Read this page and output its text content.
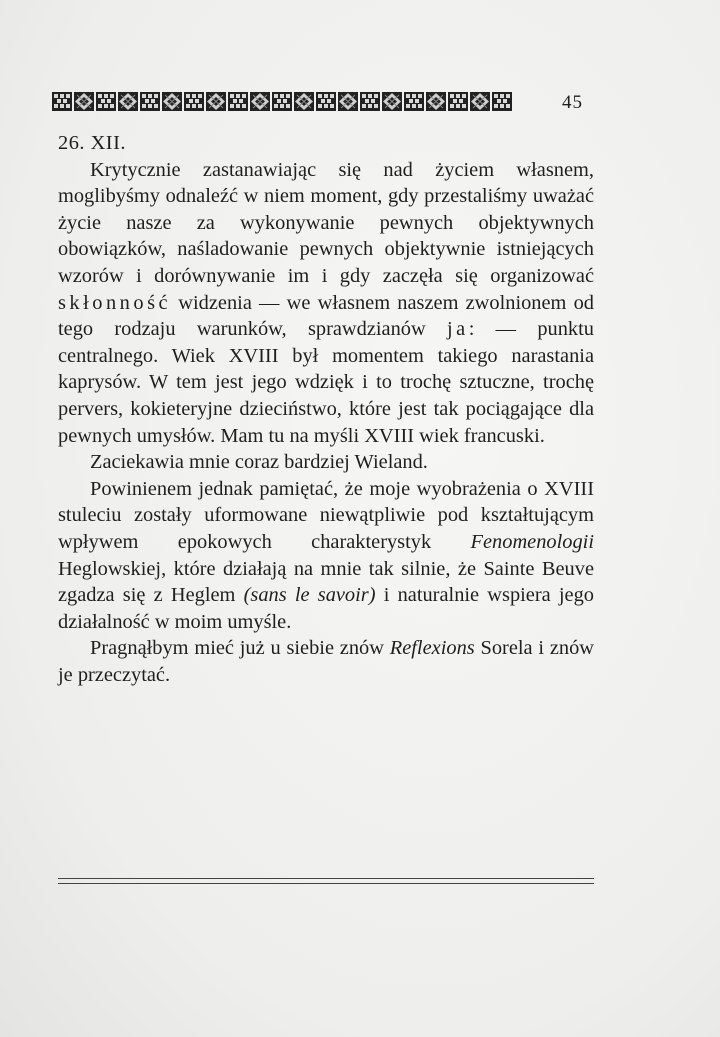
45

26. XII.

Krytycznie zastanawiając się nad życiem własnem, moglibyśmy odnaleźć w niem moment, gdy przestaliśmy uważać życie nasze za wykonywanie pewnych objektywnych obowiązków, naśladowanie pewnych objektywnie istniejących wzorów i dorównywanie im i gdy zaczęła się organizować skłonność widzenia — we własnem naszem zwolnionem od tego rodzaju warunków, sprawdzianów ja: — punktu centralnego. Wiek XVIII był momentem takiego narastania kaprysów. W tem jest jego wdzięk i to trochę sztuczne, trochę pervers, kokieteryjne dzieciństwo, które jest tak pociągające dla pewnych umysłów. Mam tu na myśli XVIII wiek francuski.

Zaciekawia mnie coraz bardziej Wieland.

Powinienem jednak pamiętać, że moje wyobrażenia o XVIII stuleciu zostały uformowane niewątpliwie pod kształtującym wpływem epokowych charakterystyk Fenomenologii Heglowskiej, które działają na mnie tak silnie, że Sainte Beuve zgadza się z Heglem (sans le savoir) i naturalnie wspiera jego działalność w moim umyśle.

Pragnąłbym mieć już u siebie znów Reflexions Sorela i znów je przeczytać.
